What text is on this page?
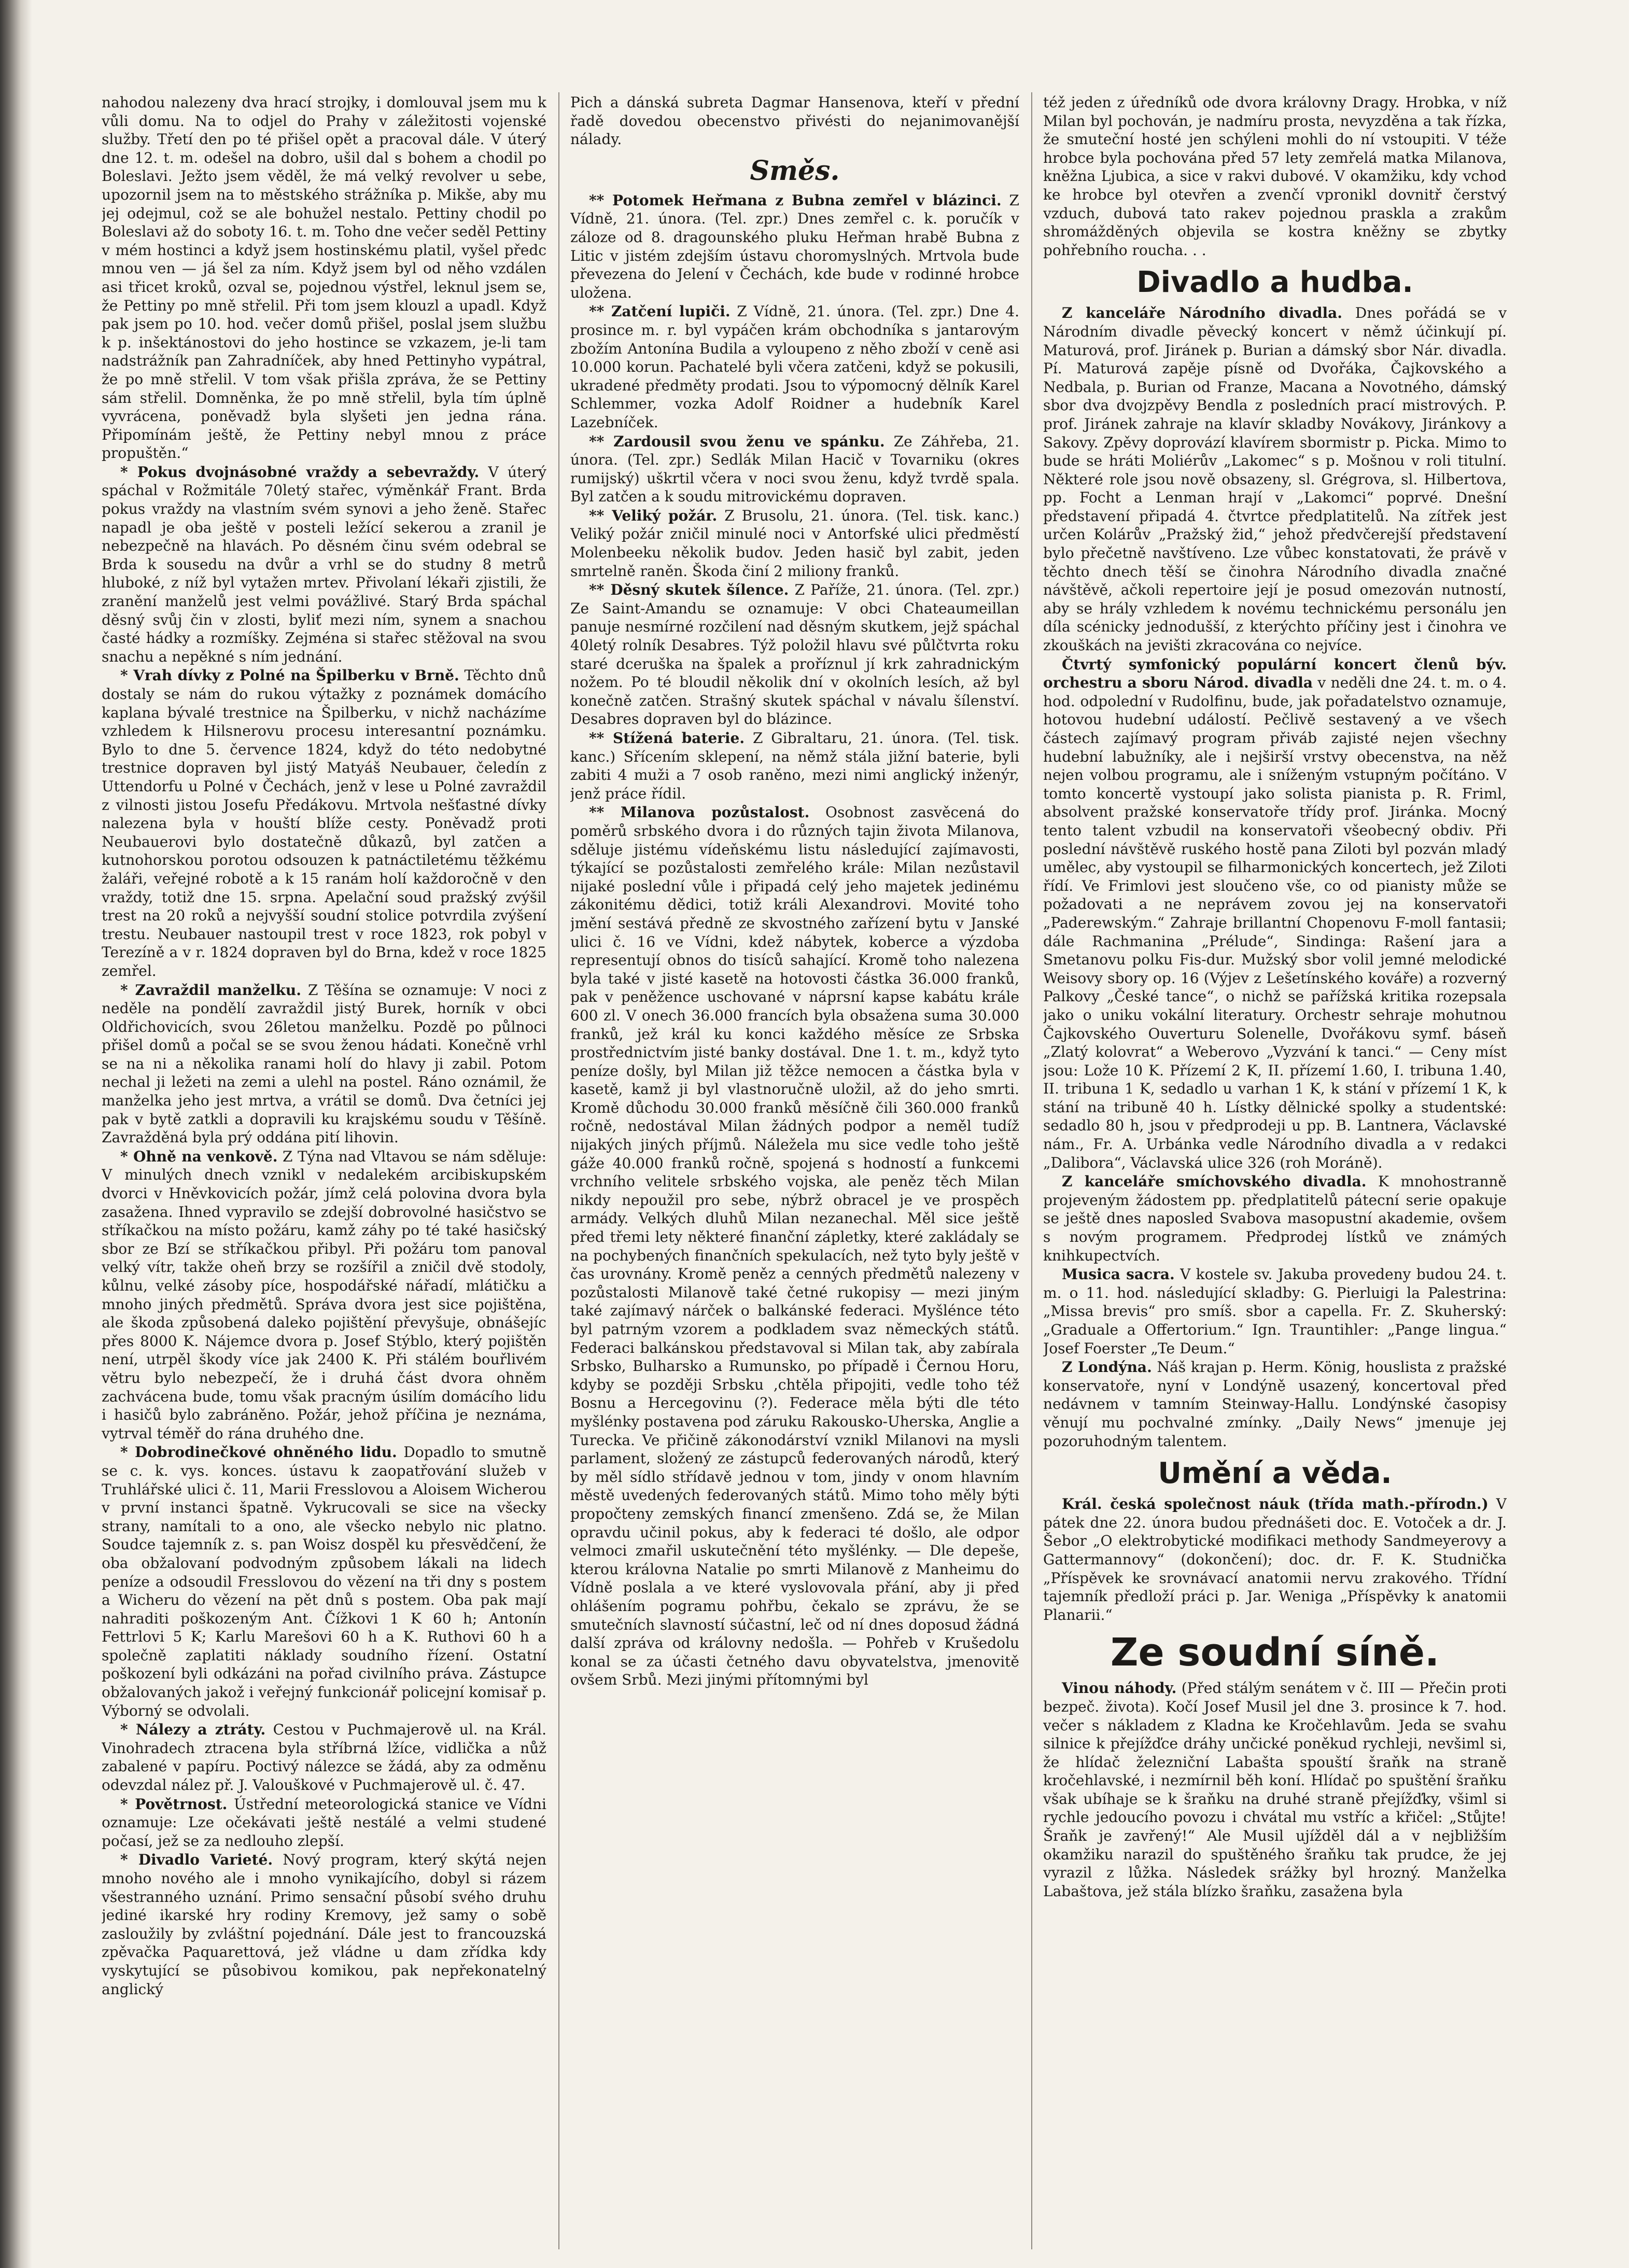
nahodou nalezeny dva hrací strojky, i domlouval jsem mu k vůli domu. Na to odjel do Prahy v záležitosti vojenské služby. Třetí den po té přišel opět a pracoval dále. V úterý dne 12. t. m. odešel na dobro, ušil dal s bohem a chodil po Boleslavi. Ježto jsem věděl, že má velký revolver u sebe, upozornil jsem na to městského strážníka p. Mikše, aby mu jej odejmul, což se ale bohužel nestalo. Pettiny chodil po Boleslavi až do soboty 16. t. m. Toho dne večer seděl Pettiny v mém hostinci a když jsem hostinskému platil, vyšel předc mnou ven — já šel za ním. Když jsem byl od něho vzdálen asi třicet kroků, ozval se, pojednou výstřel, leknul jsem se, že Pettiny po mně střelil. Při tom jsem klouzl a upadl. Když pak jsem po 10. hod. večer domů přišel, poslal jsem službu k p. inšektánostovi do jeho hostince se vzkazem, je-li tam nadstrážník pan Zahradníček, aby hned Pettinyho vypátral, že po mně střelil. V tom však přišla zpráva, že se Pettiny sám střelil. Domněnka, že po mně střelil, byla tím úplně vyvrácena, poněvadž byla slyšeti jen jedna rána. Připomínám ještě, že Pettiny nebyl mnou z práce propuštěn.“

* Pokus dvojnásobné vraždy a sebevraždy. V úterý spáchal v Rožmitále 70letý stařec, výměnkář Frant. Brda pokus vraždy na vlastním svém synovi a jeho ženě. Stařec napadl je oba ještě v posteli ležící sekerou a zranil je nebezpečně na hlavách. Po děsném činu svém odebral se Brda k sousedu na dvůr a vrhl se do studny 8 metrů hluboké, z níž byl vytažen mrtev. Přivolaní lékaři zjistili, že zranění manželů jest velmi povážlivé. Starý Brda spáchal děsný svůj čin v zlosti, byliť mezi ním, synem a snachou časté hádky a rozmíšky. Zejména si stařec stěžoval na svou snachu a nepěkné s ním jednání.

* Vrah dívky z Polné na Špilberku v Brně. Těchto dnů dostaly se nám do rukou výtažky z poznámek domácího kaplana bývalé trestnice na Špilberku, v nichž nacházíme vzhledem k Hilsnerovu procesu interesantní poznámku. Bylo to dne 5. července 1824, když do této nedobytné trestnice dopraven byl jistý Matyáš Neubauer, čeledín z Uttendorfu u Polné v Čechách, jenž v lese u Polné zavraždil z vilnosti jistou Josefu Předákovu. Mrtvola nešťastné dívky nalezena byla v houští blíže cesty. Poněvadž proti Neubauerovi bylo dostatečně důkazů, byl zatčen a kutnohorskou porotou odsouzen k patnáctiletému těžkému žaláři, veřejné robotě a k 15 ranám holí každoročně v den vraždy, totiž dne 15. srpna. Apelační soud pražský zvýšil trest na 20 roků a nejvyšší soudní stolice potvrdila zvýšení trestu. Neubauer nastoupil trest v roce 1823, rok pobyl v Terezíně a v r. 1824 dopraven byl do Brna, kdež v roce 1825 zemřel.

* Zavraždil manželku. Z Těšína se oznamuje: V noci z neděle na pondělí zavraždil jistý Burek, horník v obci Oldřichovicích, svou 26letou manželku. Pozdě po půlnoci přišel domů a počal se se svou ženou hádati. Konečně vrhl se na ni a několika ranami holí do hlavy ji zabil. Potom nechal ji ležeti na zemi a ulehl na postel. Ráno oznámil, že manželka jeho jest mrtva, a vrátil se domů. Dva četníci jej pak v bytě zatkli a dopravili ku krajskému soudu v Těšíně. Zavražděná byla prý oddána pití lihovin.

* Ohně na venkově. Z Týna nad Vltavou se nám sděluje: V minulých dnech vznikl v nedalekém arcibiskupském dvorci v Hněvkovicích požár, jímž celá polovina dvora byla zasažena. Ihned vypravilo se zdejší dobrovolné hasičstvo se stříkačkou na místo požáru, kamž záhy po té také hasičský sbor ze Bzí se stříkačkou přibyl. Při požáru tom panoval velký vítr, takže oheň brzy se rozšířil a zničil dvě stodoly, kůlnu, velké zásoby píce, hospodářské nářadí, mlátičku a mnoho jiných předmětů. Správa dvora jest sice pojištěna, ale škoda způsobená daleko pojištění převyšuje, obnášejíc přes 8000 K. Nájemce dvora p. Josef Stýblo, který pojištěn není, utrpěl škody více jak 2400 K. Při stálém bouřlivém větru bylo nebezpečí, že i druhá část dvora ohněm zachvácena bude, tomu však pracným úsilím domácího lidu i hasičů bylo zabráněno. Požár, jehož příčina je neznáma, vytrval téměř do rána druhého dne.

* Dobrodinečkové ohněného lidu. Dopadlo to smutně se c. k. vys. konces. ústavu k zaopatřování služeb v Truhlářské ulici č. 11, Marii Fresslovou a Aloisem Wicherou v první instanci špatně. Vykrucovali se sice na všecky strany, namítali to a ono, ale všecko nebylo nic platno. Soudce tajemník z. s. pan Woisz dospěl ku přesvědčení, že oba obžalovaní podvodným způsobem lákali na lidech peníze a odsoudil Fresslovou do vězení na tři dny s postem a Wicheru do vězení na pět dnů s postem. Oba pak mají nahraditi poškozeným Ant. Čížkovi 1 K 60 h; Antonín Fettrlovi 5 K; Karlu Marešovi 60 h a K. Ruthovi 60 h a společně zaplatiti náklady soudního řízení. Ostatní poškození byli odkázáni na pořad civilního práva. Zástupce obžalovaných jakož i veřejný funkcionář policejní komisař p. Výborný se odvolali.

* Nálezy a ztráty. Cestou v Puchmajerově ul. na Král. Vinohradech ztracena byla stříbrná lžíce, vidlička a nůž zabalené v papíru. Poctivý nálezce se žádá, aby za odměnu odevzdal nález př. J. Valouškové v Puchmajerově ul. č. 47.

* Povětrnost. Ústřední meteorologická stanice ve Vídni oznamuje: Lze očekávati ještě nestálé a velmi studené počasí, jež se za nedlouho zlepší.

* Divadlo Varieté. Nový program, který skýtá nejen mnoho nového ale i mnoho vynikajícího, dobyl si rázem všestranného uznání. Primo sensační působí svého druhu jediné ikarské hry rodiny Kremovy, jež samy o sobě zasloužily by zvláštní pojednání. Dále jest to francouzská zpěvačka Paquarettová, jež vládne u dam zřídka kdy vyskytující se působivou komikou, pak nepřekonatelný anglický

Pich a dánská subreta Dagmar Hansenova, kteří v přední řadě dovedou obecenstvo přivésti do nejanimovanější nálady.

Směs.

** Potomek Heřmana z Bubna zemřel v blázinci. Z Vídně, 21. února. (Tel. zpr.) Dnes zemřel c. k. poručík v záloze od 8. dragounského pluku Heřman hrabě Bubna z Litic v jistém zdejším ústavu choromyslných. Mrtvola bude převezena do Jelení v Čechách, kde bude v rodinné hrobce uložena.

** Zatčení lupiči. Z Vídně, 21. února. (Tel. zpr.) Dne 4. prosince m. r. byl vypáčen krám obchodníka s jantarovým zbožím Antonína Budila a vyloupeno z něho zboží v ceně asi 10.000 korun. Pachatelé byli včera zatčeni, když se pokusili, ukradené předměty prodati. Jsou to výpomocný dělník Karel Schlemmer, vozka Adolf Roidner a hudebník Karel Lazebníček.

** Zardousil svou ženu ve spánku. Ze Záhřeba, 21. února. (Tel. zpr.) Sedlák Milan Hacič v Tovarniku (okres rumijský) uškrtil včera v noci svou ženu, když tvrdě spala. Byl zatčen a k soudu mitrovickému dopraven.

** Veliký požár. Z Brusolu, 21. února. (Tel. tisk. kanc.) Veliký požár zničil minulé noci v Antorfské ulici předměstí Molenbeeku několik budov. Jeden hasič byl zabit, jeden smrtelně raněn. Škoda činí 2 miliony franků.

** Děsný skutek šílence. Z Paříže, 21. února. (Tel. zpr.) Ze Saint-Amandu se oznamuje: V obci Chateaumeillan panuje nesmírné rozčilení nad děsným skutkem, jejž spáchal 40letý rolník Desabres. Týž položil hlavu své půlčtvrta roku staré dceruška na špalek a proříznul jí krk zahradnickým nožem. Po té bloudil několik dní v okolních lesích, až byl konečně zatčen. Strašný skutek spáchal v návalu šílenství. Desabres dopraven byl do blázince.

** Stížená baterie. Z Gibraltaru, 21. února. (Tel. tisk. kanc.) Sřícením sklepení, na němž stála jižní baterie, byli zabiti 4 muži a 7 osob raněno, mezi nimi anglický inženýr, jenž práce řídil.

** Milanova pozůstalost. Osobnost zasvěcená do poměrů srbského dvora i do různých tajin života Milanova, sděluje jistému vídeňskému listu následující zajímavosti, týkající se pozůstalosti zemřelého krále: Milan nezůstavil nijaké poslední vůle i připadá celý jeho majetek jedinému zákonitému dědici, totiž králi Alexandrovi. Movité toho jmění sestává předně ze skvostného zařízení bytu v Janské ulici č. 16 ve Vídni, kdež nábytek, koberce a výzdoba representují obnos do tisíců sahající. Kromě toho nalezena byla také v jisté kasetě na hotovosti částka 36.000 franků, pak v peněžence uschované v náprsní kapse kabátu krále 600 zl. V onech 36.000 francích byla obsažena suma 30.000 franků, jež král ku konci každého měsíce ze Srbska prostřednictvím jisté banky dostával. Dne 1. t. m., když tyto peníze došly, byl Milan již těžce nemocen a částka byla v kasetě, kamž ji byl vlastnoručně uložil, až do jeho smrti. Kromě důchodu 30.000 franků měsíčně čili 360.000 franků ročně, nedostával Milan žádných podpor a neměl tudíž nijakých jiných příjmů. Náležela mu sice vedle toho ještě gáže 40.000 franků ročně, spojená s hodností a funkcemi vrchního velitele srbského vojska, ale peněz těch Milan nikdy nepoužil pro sebe, nýbrž obracel je ve prospěch armády. Velkých dluhů Milan nezanechal. Měl sice ještě před třemi lety některé finanční zápletky, které zakládaly se na pochybených finančních spekulacích, než tyto byly ještě v čas urovnány. Kromě peněz a cenných předmětů nalezeny v pozůstalosti Milanově také četné rukopisy — mezi jiným také zajímavý nárček o balkánské federaci. Myšlénce této byl patrným vzorem a podkladem svaz německých států. Federaci balkánskou představoval si Milan tak, aby zabírala Srbsko, Bulharsko a Rumunsko, po případě i Černou Horu, kdyby se později Srbsku ,chtěla připojiti, vedle toho též Bosnu a Hercegovinu (?). Federace měla býti dle této myšlénky postavena pod záruku Rakousko-Uherska, Anglie a Turecka. Ve přičině zákonodárství vznikl Milanovi na mysli parlament, složený ze zástupců federovaných národů, který by měl sídlo střídavě jednou v tom, jindy v onom hlavním městě uvedených federovaných států. Mimo toho měly býti propočteny zemských financí zmenšeno. Zdá se, že Milan opravdu učinil pokus, aby k federaci té došlo, ale odpor velmoci zmařil uskutečnění této myšlénky. — Dle depeše, kterou královna Natalie po smrti Milanově z Manheimu do Vídně poslala a ve které vyslovovala přání, aby ji před ohlášením pogramu pohřbu, čekalo se zprávu, že se smutečních slavností súčastní, leč od ní dnes doposud žádná další zpráva od královny nedošla. — Pohřeb v Krušedolu konal se za účasti četného davu obyvatelstva, jmenovitě ovšem Srbů. Mezi jinými přítomnými byl

též jeden z úředníků ode dvora královny Dragy. Hrobka, v níž Milan byl pochován, je nadmíru prosta, nevyzděna a tak řízka, že smuteční hosté jen schýleni mohli do ní vstoupiti. V téže hrobce byla pochována před 57 lety zemřelá matka Milanova, kněžna Ljubica, a sice v rakvi dubové. V okamžiku, kdy vchod ke hrobce byl otevřen a zvenčí vpronikl dovnitř čerstvý vzduch, dubová tato rakev pojednou praskla a zrakům shromážděných objevila se kostra kněžny se zbytky pohřebního roucha. . .

Divadlo a hudba.

Z kanceláře Národního divadla. Dnes pořádá se v Národním divadle pěvecký koncert v němž účinkují pí. Maturová, prof. Jiránek p. Burian a dámský sbor Nár. divadla. Pí. Maturová zapěje písně od Dvořáka, Čajkovského a Nedbala, p. Burian od Franze, Macana a Novotného, dámský sbor dva dvojzpěvy Bendla z posledních prací mistrových. P. prof. Jiránek zahraje na klavír skladby Novákovy, Jiránkovy a Sakovy. Zpěvy doprovází klavírem sbormistr p. Picka. Mimo to bude se hráti Moliérův „Lakomec“ s p. Mošnou v roli titulní. Některé role jsou nově obsazeny, sl. Grégrova, sl. Hilbertova, pp. Focht a Lenman hrají v „Lakomci“ poprvé. Dnešní představení připadá 4. čtvrtce předplatitelů. Na zítřek jest určen Kolárův „Pražský žid,“ jehož předvčerejší představení bylo přečetně navštíveno. Lze vůbec konstatovati, že právě v těchto dnech těší se činohra Národního divadla značné návštěvě, ačkoli repertoire její je posud omezován nutností, aby se hrály vzhledem k novému technickému personálu jen díla scénicky jednodušší, z kterýchto příčiny jest i činohra ve zkouškách na jevišti zkracována co nejvíce.

Čtvrtý symfonický populární koncert členů býv. orchestru a sboru Národ. divadla v neděli dne 24. t. m. o 4. hod. odpolední v Rudolfinu, bude, jak pořadatelstvo oznamuje, hotovou hudební událostí. Pečlivě sestavený a ve všech částech zajímavý program přiváb zajisté nejen všechny hudební labužníky, ale i nejširší vrstvy obecenstva, na něž nejen volbou programu, ale i sníženým vstupným počítáno. V tomto koncertě vystoupí jako solista pianista p. R. Friml, absolvent pražské konservatoře třídy prof. Jiránka. Mocný tento talent vzbudil na konservatoři všeobecný obdiv. Při poslední návštěvě ruského hostě pana Ziloti byl pozván mladý umělec, aby vystoupil se filharmonických koncertech, jež Ziloti řídí. Ve Frimlovi jest sloučeno vše, co od pianisty může se požadovati a ne neprávem zovou jej na konservatoři „Paderewským.“ Zahraje brillantní Chopenovu F-moll fantasii; dále Rachmanina „Prélude“, Sindinga: Rašení jara a Smetanovu polku Fis-dur. Mužský sbor volil jemné melodické Weisovy sbory op. 16 (Výjev z Lešetínského kováře) a rozverný Palkovy „České tance“, o nichž se pařížská kritika rozepsala jako o uniku vokální literatury. Orchestr sehraje mohutnou Čajkovského Ouverturu Solenelle, Dvořákovu symf. báseň „Zlatý kolovrat“ a Weberovo „Vyzvání k tanci.“ — Ceny míst jsou: Lože 10 K. Přízemí 2 K, II. přízemí 1.60, I. tribuna 1.40, II. tribuna 1 K, sedadlo u varhan 1 K, k stání v přízemí 1 K, k stání na tribuně 40 h. Lístky dělnické spolky a studentské: sedadlo 80 h, jsou v předprodeji u pp. B. Lantnera, Václavské nám., Fr. A. Urbánka vedle Národního divadla a v redakci „Dalibora“, Václavská ulice 326 (roh Moráně).

Z kanceláře smíchovského divadla. K mnohostranně projeveným žádostem pp. předplatitelů pátecní serie opakuje se ještě dnes naposled Svabova masopustní akademie, ovšem s novým programem. Předprodej lístků ve známých knihkupectvích.

Musica sacra. V kostele sv. Jakuba provedeny budou 24. t. m. o 11. hod. následující skladby: G. Pierluigi la Palestrina: „Missa brevis“ pro smíš. sbor a capella. Fr. Z. Skuherský: „Graduale a Offertorium.“ Ign. Trauntihler: „Pange lingua.“ Josef Foerster „Te Deum.“

Z Londýna. Náš krajan p. Herm. König, houslista z pražské konservatoře, nyní v Londýně usazený, koncertoval před nedávnem v tamním Steinway-Hallu. Londýnské časopisy věnují mu pochvalné zmínky. „Daily News“ jmenuje jej pozoruhodným talentem.

Umění a věda.

Král. česká společnost náuk (třída math.-přírodn.) V pátek dne 22. února budou přednášeti doc. E. Votoček a dr. J. Šebor „O elektrobytické modifikaci methody Sandmeyerovy a Gattermannovy“ (dokončení); doc. dr. F. K. Studnička „Příspěvek ke srovnávací anatomii nervu zrakového. Třídní tajemník předloží práci p. Jar. Weniga „Příspěvky k anatomii Planarii.“

Ze soudní síně.

Vinou náhody. (Před stálým senátem v č. III — Přečin proti bezpeč. života). Kočí Josef Musil jel dne 3. prosince k 7. hod. večer s nákladem z Kladna ke Kročehlavům. Jeda se svahu silnice k přejížďce dráhy unčické poněkud rychleji, nevšiml si, že hlídač železniční Labašta spouští šraňk na straně kročehlavské, i nezmírnil běh koní. Hlídač po spuštění šraňku však ubíhaje se k šraňku na druhé straně přejížďky, všiml si rychle jedoucího povozu i chvátal mu vstříc a křičel: „Stůjte! Šraňk je zavřený!“ Ale Musil ujížděl dál a v nejbližším okamžiku narazil do spuštěného šraňku tak prudce, že jej vyrazil z lůžka. Následek srážky byl hrozný. Manželka Labaštova, jež stála blízko šraňku, zasažena byla
